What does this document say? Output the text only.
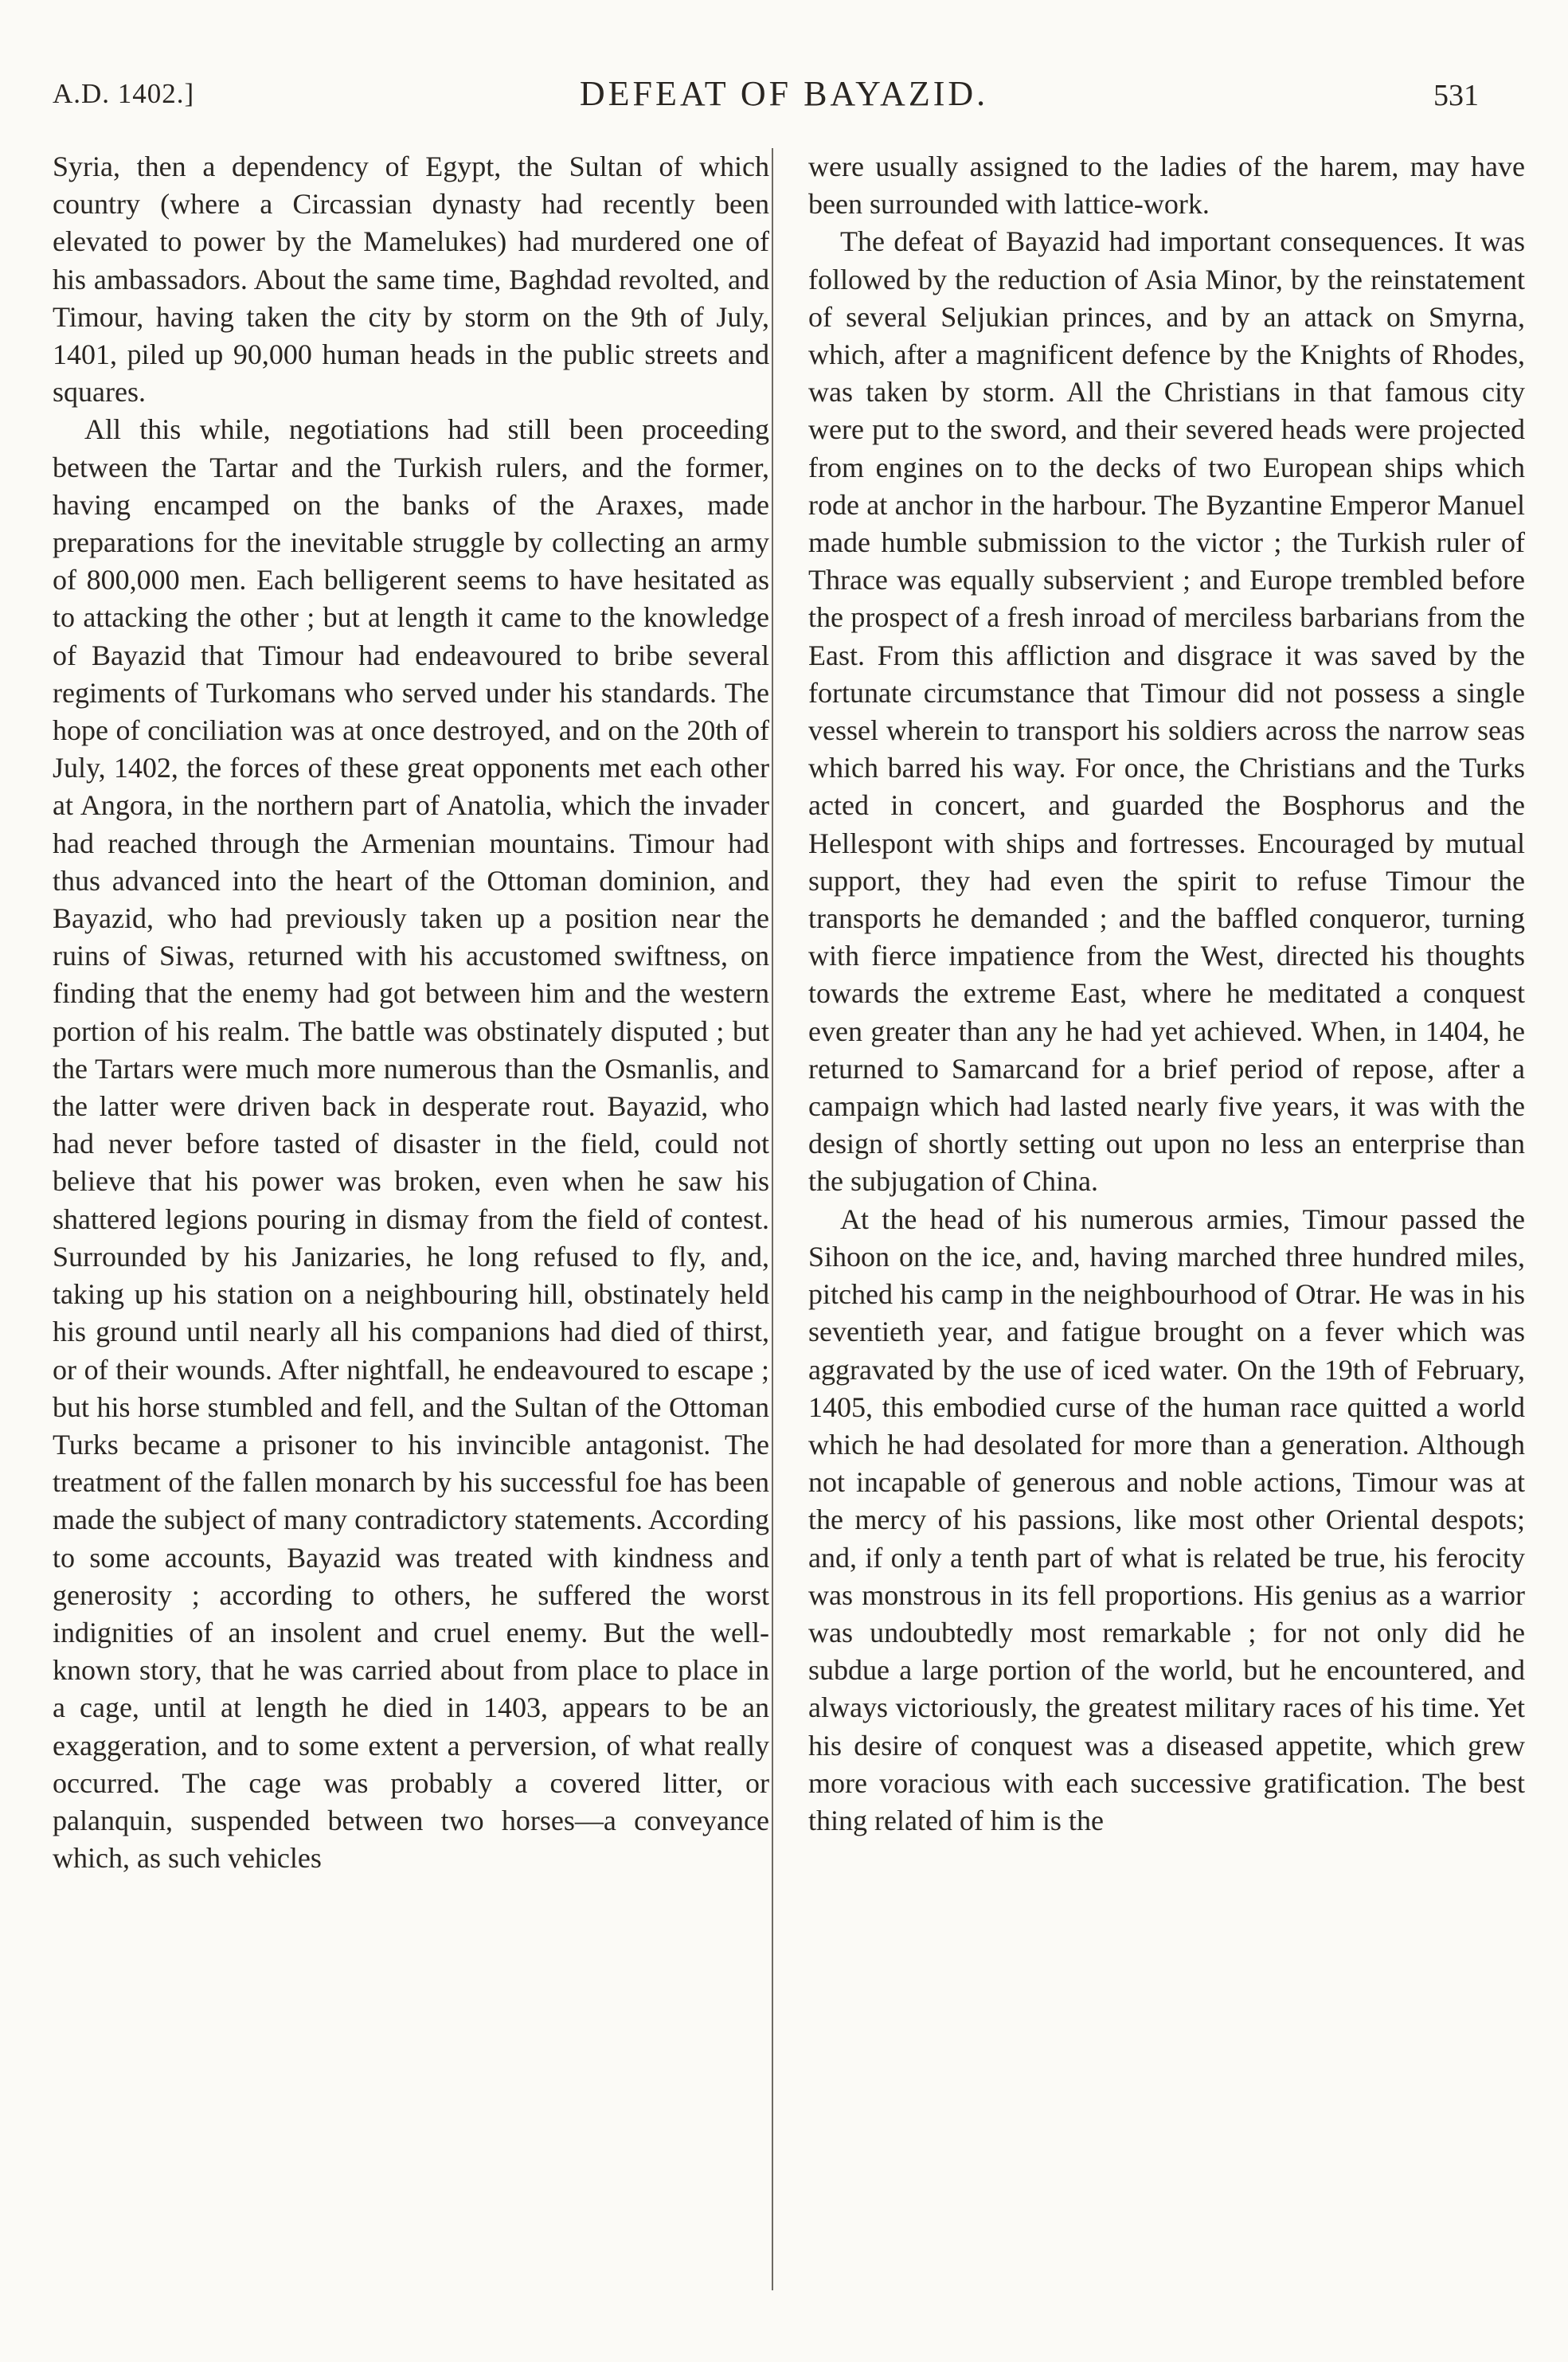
A.D. 1402.]	DEFEAT OF BAYAZID.	531

Syria, then a dependency of Egypt, the Sultan of which country (where a Circassian dynasty had recently been elevated to power by the Mamelukes) had murdered one of his ambassadors. About the same time, Baghdad revolted, and Timour, having taken the city by storm on the 9th of July, 1401, piled up 90,000 human heads in the public streets and squares.

All this while, negotiations had still been proceeding between the Tartar and the Turkish rulers, and the former, having encamped on the banks of the Araxes, made preparations for the inevitable struggle by collecting an army of 800,000 men. Each belligerent seems to have hesitated as to attacking the other ; but at length it came to the knowledge of Bayazid that Timour had endeavoured to bribe several regiments of Turkomans who served under his standards. The hope of conciliation was at once destroyed, and on the 20th of July, 1402, the forces of these great opponents met each other at Angora, in the northern part of Anatolia, which the invader had reached through the Armenian mountains. Timour had thus advanced into the heart of the Ottoman dominion, and Bayazid, who had previously taken up a position near the ruins of Siwas, returned with his accustomed swiftness, on finding that the enemy had got between him and the western portion of his realm. The battle was obstinately disputed ; but the Tartars were much more numerous than the Osmanlis, and the latter were driven back in desperate rout. Bayazid, who had never before tasted of disaster in the field, could not believe that his power was broken, even when he saw his shattered legions pouring in dismay from the field of contest. Surrounded by his Janizaries, he long refused to fly, and, taking up his station on a neighbouring hill, obstinately held his ground until nearly all his companions had died of thirst, or of their wounds. After nightfall, he endeavoured to escape ; but his horse stumbled and fell, and the Sultan of the Ottoman Turks became a prisoner to his invincible antagonist. The treatment of the fallen monarch by his successful foe has been made the subject of many contradictory statements. According to some accounts, Bayazid was treated with kindness and generosity ; according to others, he suffered the worst indignities of an insolent and cruel enemy. But the well-known story, that he was carried about from place to place in a cage, until at length he died in 1403, appears to be an exaggeration, and to some extent a perversion, of what really occurred. The cage was probably a covered litter, or palanquin, suspended between two horses—a conveyance which, as such vehicles

were usually assigned to the ladies of the harem, may have been surrounded with lattice-work.

The defeat of Bayazid had important consequences. It was followed by the reduction of Asia Minor, by the reinstatement of several Seljukian princes, and by an attack on Smyrna, which, after a magnificent defence by the Knights of Rhodes, was taken by storm. All the Christians in that famous city were put to the sword, and their severed heads were projected from engines on to the decks of two European ships which rode at anchor in the harbour. The Byzantine Emperor Manuel made humble submission to the victor ; the Turkish ruler of Thrace was equally subservient ; and Europe trembled before the prospect of a fresh inroad of merciless barbarians from the East. From this affliction and disgrace it was saved by the fortunate circumstance that Timour did not possess a single vessel wherein to transport his soldiers across the narrow seas which barred his way. For once, the Christians and the Turks acted in concert, and guarded the Bosphorus and the Hellespont with ships and fortresses. Encouraged by mutual support, they had even the spirit to refuse Timour the transports he demanded ; and the baffled conqueror, turning with fierce impatience from the West, directed his thoughts towards the extreme East, where he meditated a conquest even greater than any he had yet achieved. When, in 1404, he returned to Samarcand for a brief period of repose, after a campaign which had lasted nearly five years, it was with the design of shortly setting out upon no less an enterprise than the subjugation of China.

At the head of his numerous armies, Timour passed the Sihoon on the ice, and, having marched three hundred miles, pitched his camp in the neighbourhood of Otrar. He was in his seventieth year, and fatigue brought on a fever which was aggravated by the use of iced water. On the 19th of February, 1405, this embodied curse of the human race quitted a world which he had desolated for more than a generation. Although not incapable of generous and noble actions, Timour was at the mercy of his passions, like most other Oriental despots; and, if only a tenth part of what is related be true, his ferocity was monstrous in its fell proportions. His genius as a warrior was undoubtedly most remarkable ; for not only did he subdue a large portion of the world, but he encountered, and always victoriously, the greatest military races of his time. Yet his desire of conquest was a diseased appetite, which grew more voracious with each successive gratification. The best thing related of him is the
